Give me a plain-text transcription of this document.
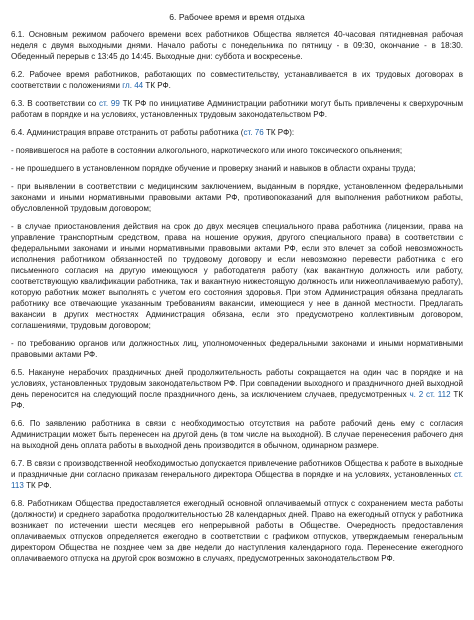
6. Рабочее время и время отдыха

6.1. Основным режимом рабочего времени всех работников Общества является 40-часовая пятидневная рабочая неделя с двумя выходными днями. Начало работы с понедельника по пятницу - в 09:30, окончание - в 18:30. Обеденный перерыв с 13:45 до 14:45. Выходные дни: суббота и воскресенье.

6.2. Рабочее время работников, работающих по совместительству, устанавливается в их трудовых договорах в соответствии с положениями гл. 44 ТК РФ.

6.3. В соответствии со ст. 99 ТК РФ по инициативе Администрации работники могут быть привлечены к сверхурочным работам в порядке и на условиях, установленных трудовым законодательством РФ.

6.4. Администрация вправе отстранить от работы работника (ст. 76 ТК РФ):

- появившегося на работе в состоянии алкогольного, наркотического или иного токсического опьянения;

- не прошедшего в установленном порядке обучение и проверку знаний и навыков в области охраны труда;

- при выявлении в соответствии с медицинским заключением, выданным в порядке, установленном федеральными законами и иными нормативными правовыми актами РФ, противопоказаний для выполнения работником работы, обусловленной трудовым договором;

- в случае приостановления действия на срок до двух месяцев специального права работника (лицензии, права на управление транспортным средством, права на ношение оружия, другого специального права) в соответствии с федеральными законами и иными нормативными правовыми актами РФ, если это влечет за собой невозможность исполнения работником обязанностей по трудовому договору и если невозможно перевести работника с его письменного согласия на другую имеющуюся у работодателя работу (как вакантную должность или работу, соответствующую квалификации работника, так и вакантную нижестоящую должность или нижеоплачиваемую работу), которую работник может выполнять с учетом его состояния здоровья. При этом Администрация обязана предлагать работнику все отвечающие указанным требованиям вакансии, имеющиеся у нее в данной местности. Предлагать вакансии в других местностях Администрация обязана, если это предусмотрено коллективным договором, соглашениями, трудовым договором;

- по требованию органов или должностных лиц, уполномоченных федеральными законами и иными нормативными правовыми актами РФ.

6.5. Накануне нерабочих праздничных дней продолжительность работы сокращается на один час в порядке и на условиях, установленных трудовым законодательством РФ. При совпадении выходного и праздничного дней выходной день переносится на следующий после праздничного день, за исключением случаев, предусмотренных ч. 2 ст. 112 ТК РФ.

6.6. По заявлению работника в связи с необходимостью отсутствия на работе рабочий день ему с согласия Администрации может быть перенесен на другой день (в том числе на выходной). В случае перенесения рабочего дня на выходной день оплата работы в выходной день производится в обычном, одинарном размере.

6.7. В связи с производственной необходимостью допускается привлечение работников Общества к работе в выходные и праздничные дни согласно приказам генерального директора Общества в порядке и на условиях, установленных ст. 113 ТК РФ.

6.8. Работникам Общества предоставляется ежегодный основной оплачиваемый отпуск с сохранением места работы (должности) и среднего заработка продолжительностью 28 календарных дней. Право на ежегодный отпуск у работника возникает по истечении шести месяцев его непрерывной работы в Обществе. Очередность предоставления оплачиваемых отпусков определяется ежегодно в соответствии с графиком отпусков, утверждаемым генеральным директором Общества не позднее чем за две недели до наступления календарного года. Перенесение ежегодного оплачиваемого отпуска на другой срок возможно в случаях, предусмотренных законодательством РФ.
